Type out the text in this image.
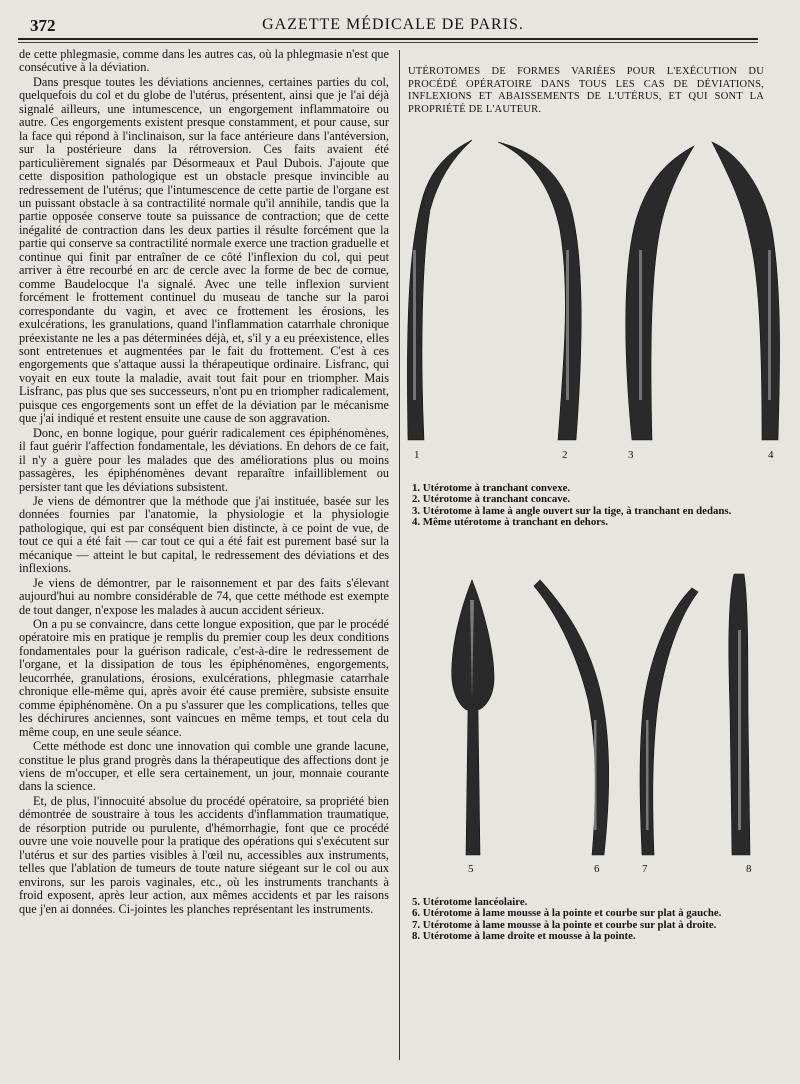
372	GAZETTE MÉDICALE DE PARIS.

de cette phlegmasie, comme dans les autres cas, où la phlegmasie n'est que consécutive à la déviation.

Dans presque toutes les déviations anciennes, certaines parties du col, quelquefois du col et du globe de l'utérus, présentent, ainsi que je l'ai déjà signalé ailleurs, une intumescence, un engorgement inflammatoire ou autre. Ces engorgements existent presque constamment, et pour cause, sur la face qui répond à l'inclinaison, sur la face antérieure dans l'antéversion, sur la postérieure dans la rétroversion. Ces faits avaient été particulièrement signalés par Désormeaux et Paul Dubois. J'ajoute que cette disposition pathologique est un obstacle presque invincible au redressement de l'utérus; que l'intumescence de cette partie de l'organe est un puissant obstacle à sa contractilité normale qu'il annihile, tandis que la partie opposée conserve toute sa puissance de contraction; que de cette inégalité de contraction dans les deux parties il résulte forcément que la partie qui conserve sa contractilité normale exerce une traction graduelle et continue qui finit par entraîner de ce côté l'inflexion du col, qui peut arriver à être recourbé en arc de cercle avec la forme de bec de cornue, comme Baudelocque l'a signalé. Avec une telle inflexion survient forcément le frottement continuel du museau de tanche sur la paroi correspondante du vagin, et avec ce frottement les érosions, les exulcérations, les granulations, quand l'inflammation catarrhale chronique préexistante ne les a pas déterminées déjà, et, s'il y a eu préexistence, elles sont entretenues et augmentées par le fait du frottement. C'est à ces engorgements que s'attaque aussi la thérapeutique ordinaire. Lisfranc, qui voyait en eux toute la maladie, avait tout fait pour en triompher. Mais Lisfranc, pas plus que ses successeurs, n'ont pu en triompher radicalement, puisque ces engorgements sont un effet de la déviation par le mécanisme que j'ai indiqué et restent ensuite une cause de son aggravation.

Donc, en bonne logique, pour guérir radicalement ces épiphénomènes, il faut guérir l'affection fondamentale, les déviations. En dehors de ce fait, il n'y a guère pour les malades que des améliorations plus ou moins passagères, les épiphénomènes devant reparaître infailliblement ou persister tant que les déviations subsistent.

Je viens de démontrer que la méthode que j'ai instituée, basée sur les données fournies par l'anatomie, la physiologie et la physiologie pathologique, qui est par conséquent bien distincte, à ce point de vue, de tout ce qui a été fait — car tout ce qui a été fait est purement basé sur la mécanique — atteint le but capital, le redressement des déviations et des inflexions.

Je viens de démontrer, par le raisonnement et par des faits s'élevant aujourd'hui au nombre considérable de 74, que cette méthode est exempte de tout danger, n'expose les malades à aucun accident sérieux.

On a pu se convaincre, dans cette longue exposition, que par le procédé opératoire mis en pratique je remplis du premier coup les deux conditions fondamentales pour la guérison radicale, c'est-à-dire le redressement de l'organe, et la dissipation de tous les épiphénomènes, engorgements, leucorrhée, granulations, érosions, exulcérations, phlegmasie catarrhale chronique elle-même qui, après avoir été cause première, subsiste ensuite comme épiphénomène. On a pu s'assurer que les complications, telles que les déchirures anciennes, sont vaincues en même temps, et tout cela du même coup, en une seule séance.

Cette méthode est donc une innovation qui comble une grande lacune, constitue le plus grand progrès dans la thérapeutique des affections dont je viens de m'occuper, et elle sera certainement, un jour, monnaie courante dans la science.

Et, de plus, l'innocuité absolue du procédé opératoire, sa propriété bien démontrée de soustraire à tous les accidents d'inflammation traumatique, de résorption putride ou purulente, d'hémorrhagie, font que ce procédé ouvre une voie nouvelle pour la pratique des opérations qui s'exécutent sur l'utérus et sur des parties visibles à l'œil nu, accessibles aux instruments, telles que l'ablation de tumeurs de toute nature siégeant sur le col ou aux environs, sur les parois vaginales, etc., où les instruments tranchants à froid exposent, après leur action, aux mêmes accidents et par les raisons que j'en ai données. Ci-jointes les planches représentant les instruments.

UTÉROTOMES DE FORMES VARIÉES POUR L'EXÉCUTION DU PROCÉDÉ OPÉRATOIRE DANS TOUS LES CAS DE DÉVIATIONS, INFLEXIONS ET ABAISSEMENTS DE L'UTÉRUS, ET QUI SONT LA PROPRIÉTÉ DE L'AUTEUR.

1	2	3	4
1. Utérotome à tranchant convexe.
2. Utérotome à tranchant concave.
3. Utérotome à lame à angle ouvert sur la tige, à tranchant en dedans.
4. Même utérotome à tranchant en dehors.
5	6	7	8
5. Utérotome lancéolaire.
6. Utérotome à lame mousse à la pointe et courbe sur plat à gauche.
7. Utérotome à lame mousse à la pointe et courbe sur plat à droite.
8. Utérotome à lame droite et mousse à la pointe.
